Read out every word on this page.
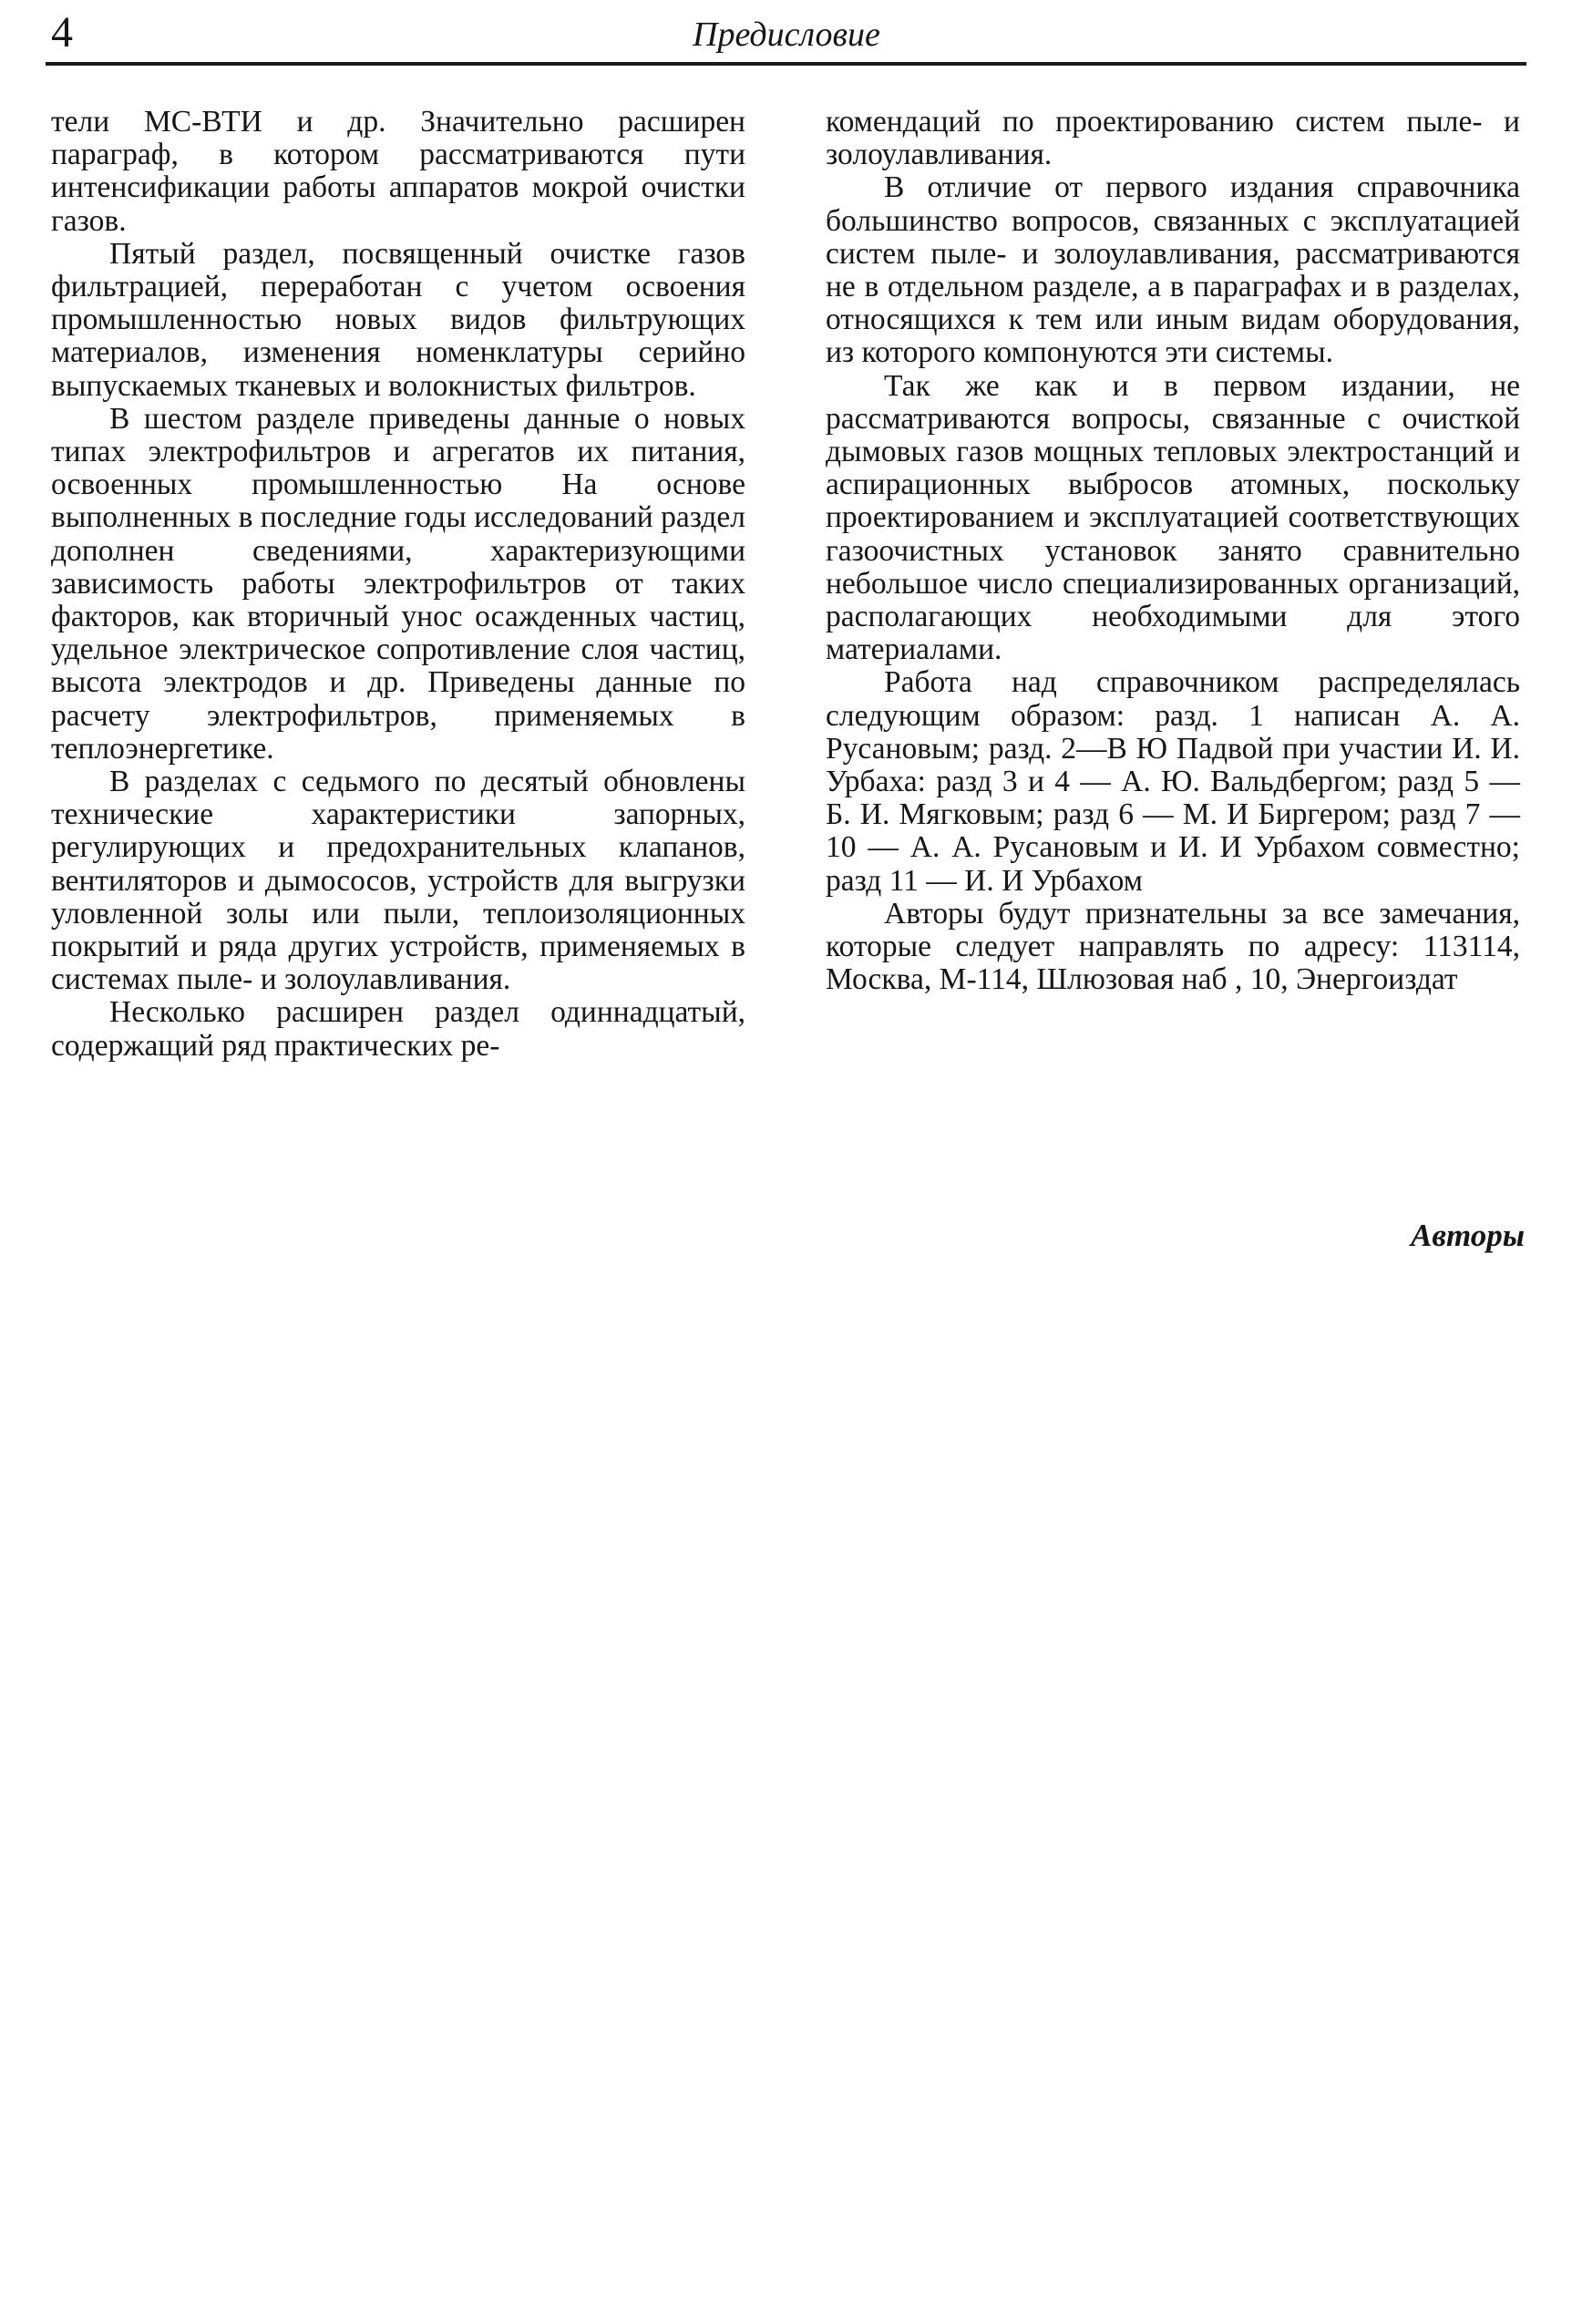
4	Предисловие

тели МС-ВТИ и др. Значительно расширен параграф, в котором рассматриваются пути интенсификации работы аппаратов мокрой очистки газов.

Пятый раздел, посвященный очистке газов фильтрацией, переработан с учетом освоения промышленностью новых видов фильтрующих материалов, изменения номенклатуры серийно выпускаемых тканевых и волокнистых фильтров.

В шестом разделе приведены данные о новых типах электрофильтров и агрегатов их питания, освоенных промышленностью На основе выполненных в последние годы исследований раздел дополнен сведениями, характеризующими зависимость работы электрофильтров от таких факторов, как вторичный унос осажденных частиц, удельное электрическое сопротивление слоя частиц, высота электродов и др. Приведены данные по расчету электрофильтров, применяемых в теплоэнергетике.

В разделах с седьмого по десятый обновлены технические характеристики запорных, регулирующих и предохранительных клапанов, вентиляторов и дымососов, устройств для выгрузки уловленной золы или пыли, теплоизоляционных покрытий и ряда других устройств, применяемых в системах пыле- и золоулавливания.

Несколько расширен раздел одиннадцатый, содержащий ряд практических ре-

комендаций по проектированию систем пыле- и золоулавливания.

В отличие от первого издания справочника большинство вопросов, связанных с эксплуатацией систем пыле- и золоулавливания, рассматриваются не в отдельном разделе, а в параграфах и в разделах, относящихся к тем или иным видам оборудования, из которого компонуются эти системы.

Так же как и в первом издании, не рассматриваются вопросы, связанные с очисткой дымовых газов мощных тепловых электростанций и аспирационных выбросов атомных, поскольку проектированием и эксплуатацией соответствующих газоочистных установок занято сравнительно небольшое число специализированных организаций, располагающих необходимыми для этого материалами.

Работа над справочником распределялась следующим образом: разд. 1 написан А. А. Русановым; разд. 2—В Ю Падвой при участии И. И. Урбаха: разд 3 и 4 — А. Ю. Вальдбергом; разд 5 — Б. И. Мягковым; разд 6 — М. И Биргером; разд 7 — 10 — А. А. Русановым и И. И Урбахом совместно; разд 11 — И. И Урбахом

Авторы будут признательны за все замечания, которые следует направлять по адресу: 113114, Москва, М-114, Шлюзовая наб , 10, Энергоиздат

Авторы
